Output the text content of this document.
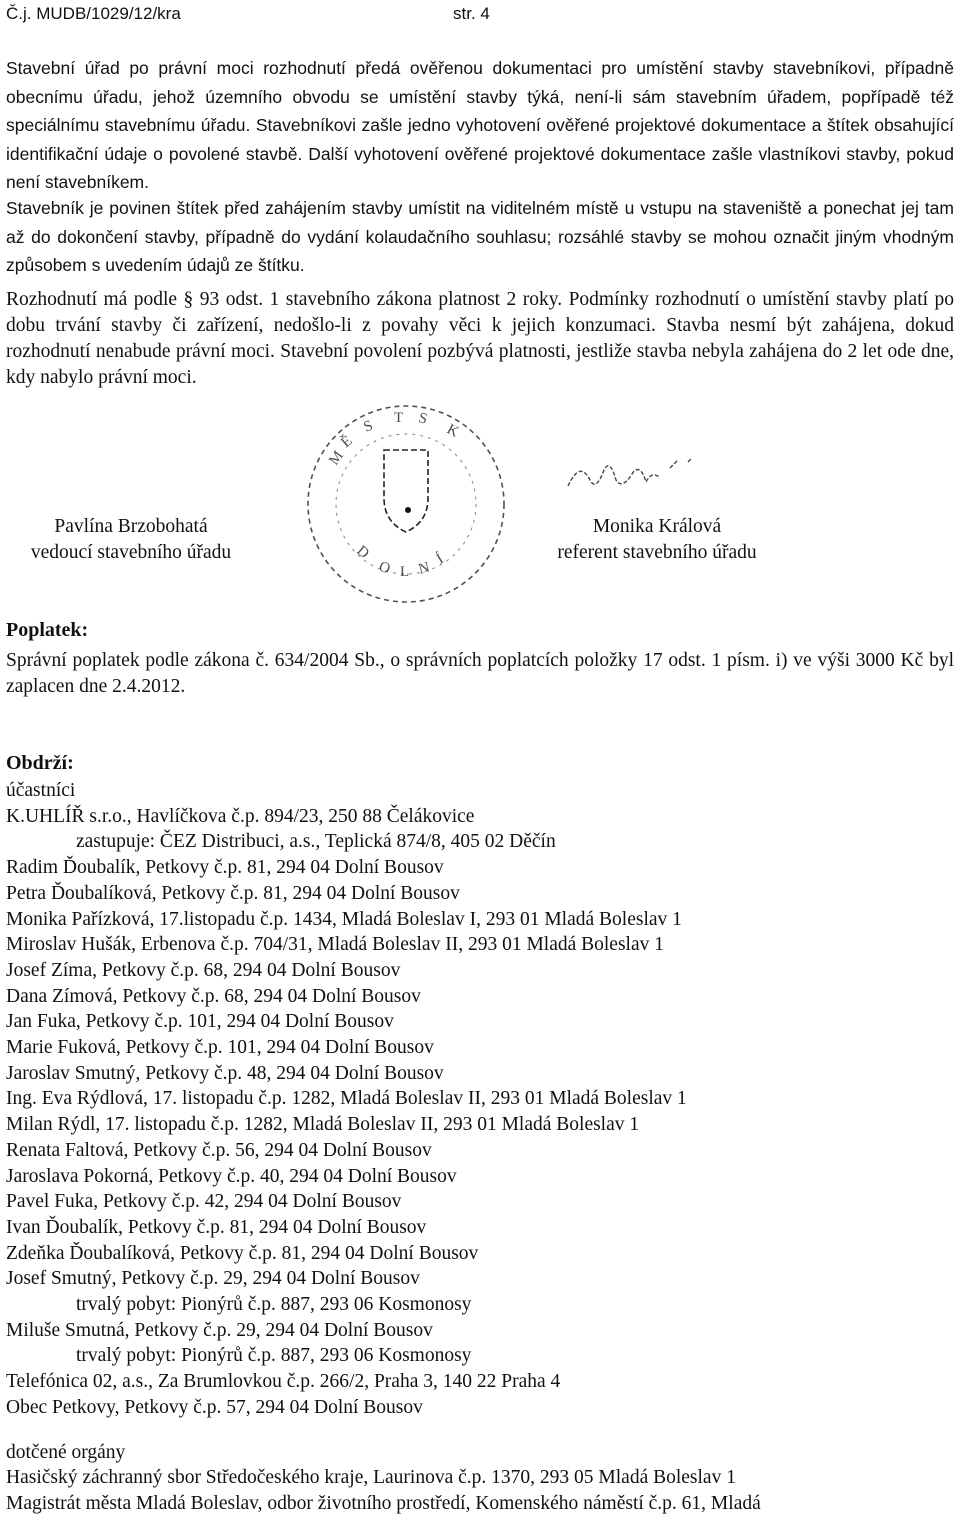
Č.j. MUDB/1029/12/kra	str. 4
Stavební úřad po právní moci rozhodnutí předá ověřenou dokumentaci pro umístění stavby stavebníkovi, případně obecnímu úřadu, jehož územního obvodu se umístění stavby týká, není-li sám stavebním úřadem, popřípadě též speciálnímu stavebnímu úřadu. Stavebníkovi zašle jedno vyhotovení ověřené projektové dokumentace a štítek obsahující identifikační údaje o povolené stavbě. Další vyhotovení ověřené projektové dokumentace zašle vlastníkovi stavby, pokud není stavebníkem.
Stavebník je povinen štítek před zahájením stavby umístit na viditelném místě u vstupu na staveniště a ponechat jej tam až do dokončení stavby, případně do vydání kolaudačního souhlasu; rozsáhlé stavby se mohou označit jiným vhodným způsobem s uvedením údajů ze štítku.
Rozhodnutí má podle § 93 odst. 1 stavebního zákona platnost 2 roky. Podmínky rozhodnutí o umístění stavby platí po dobu trvání stavby či zařízení, nedošlo-li z povahy věci k jejich konzumaci. Stavba nesmí být zahájena, dokud rozhodnutí nenabude právní moci. Stavební povolení pozbývá platnosti, jestliže stavba nebyla zahájena do 2 let ode dne, kdy nabylo právní moci.
M
Ě
S T S
K
D
O L N
Í
Pavlína Brzobohatá
vedoucí stavebního úřadu
Monika Králová
referent stavebního úřadu
Poplatek:
Správní poplatek podle zákona č. 634/2004 Sb., o správních poplatcích položky 17 odst. 1 písm. i) ve výši 3000 Kč byl zaplacen dne 2.4.2012.
Obdrží:
účastníci
K.UHLÍŘ s.r.o., Havlíčkova č.p. 894/23, 250 88 Čelákovice
zastupuje: ČEZ Distribuci, a.s., Teplická 874/8, 405 02 Děčín
Radim Ďoubalík, Petkovy č.p. 81, 294 04 Dolní Bousov
Petra Ďoubalíková, Petkovy č.p. 81, 294 04 Dolní Bousov
Monika Pařízková, 17.listopadu č.p. 1434, Mladá Boleslav I, 293 01 Mladá Boleslav 1
Miroslav Hušák, Erbenova č.p. 704/31, Mladá Boleslav II, 293 01 Mladá Boleslav 1
Josef Zíma, Petkovy č.p. 68, 294 04 Dolní Bousov
Dana Zímová, Petkovy č.p. 68, 294 04 Dolní Bousov
Jan Fuka, Petkovy č.p. 101, 294 04 Dolní Bousov
Marie Fuková, Petkovy č.p. 101, 294 04 Dolní Bousov
Jaroslav Smutný, Petkovy č.p. 48, 294 04 Dolní Bousov
Ing. Eva Rýdlová, 17. listopadu č.p. 1282, Mladá Boleslav II, 293 01 Mladá Boleslav 1
Milan Rýdl, 17. listopadu č.p. 1282, Mladá Boleslav II, 293 01 Mladá Boleslav 1
Renata Faltová, Petkovy č.p. 56, 294 04 Dolní Bousov
Jaroslava Pokorná, Petkovy č.p. 40, 294 04 Dolní Bousov
Pavel Fuka, Petkovy č.p. 42, 294 04 Dolní Bousov
Ivan Ďoubalík, Petkovy č.p. 81, 294 04 Dolní Bousov
Zdeňka Ďoubalíková, Petkovy č.p. 81, 294 04 Dolní Bousov
Josef Smutný, Petkovy č.p. 29, 294 04 Dolní Bousov
trvalý pobyt: Pionýrů č.p. 887, 293 06 Kosmonosy
Miluše Smutná, Petkovy č.p. 29, 294 04 Dolní Bousov
trvalý pobyt: Pionýrů č.p. 887, 293 06 Kosmonosy
Telefónica 02, a.s., Za Brumlovkou č.p. 266/2, Praha 3, 140 22 Praha 4
Obec Petkovy, Petkovy č.p. 57, 294 04 Dolní Bousov
dotčené orgány
Hasičský záchranný sbor Středočeského kraje, Laurinova č.p. 1370, 293 05 Mladá Boleslav 1
Magistrát města Mladá Boleslav, odbor životního prostředí, Komenského náměstí č.p. 61, Mladá
